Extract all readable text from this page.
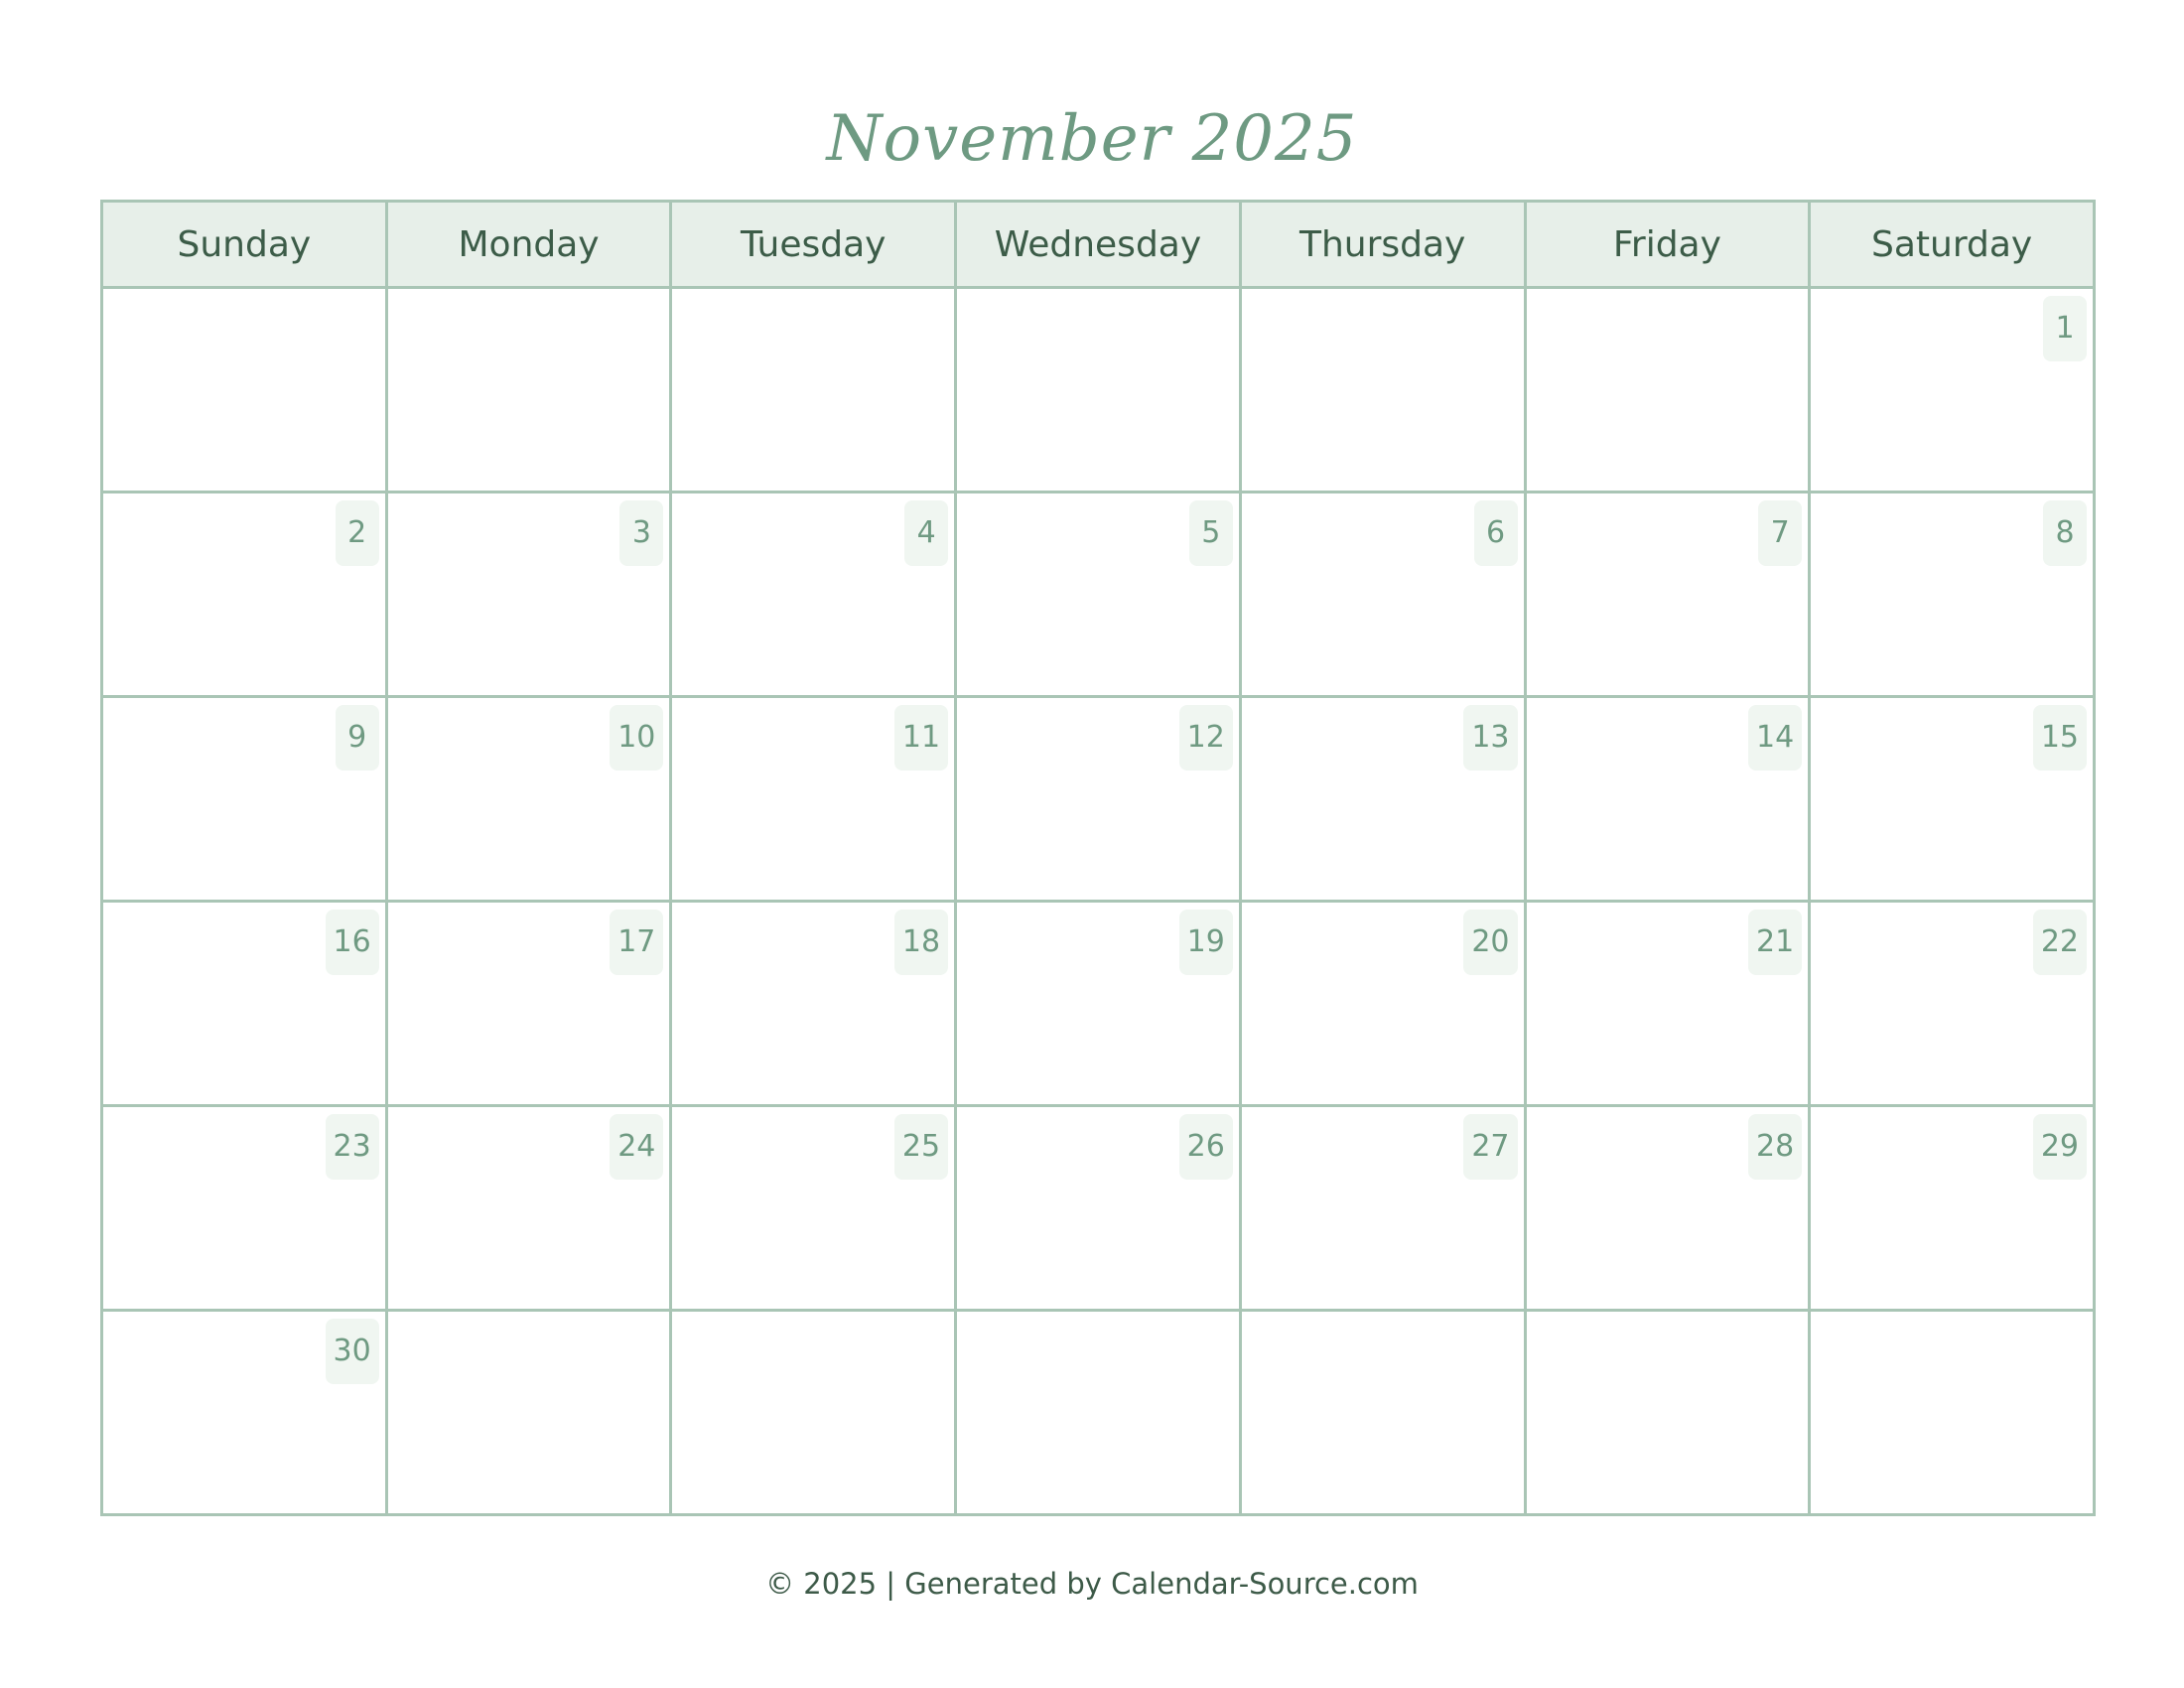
November 2025
Sunday	Monday	Tuesday	Wednesday	Thursday	Friday	Saturday

						1

2	3	4	5	6	7	8

9	10	11	12	13	14	15

16	17	18	19	20	21	22

23	24	25	26	27	28	29

30						

© 2025 | Generated by Calendar-Source.com
